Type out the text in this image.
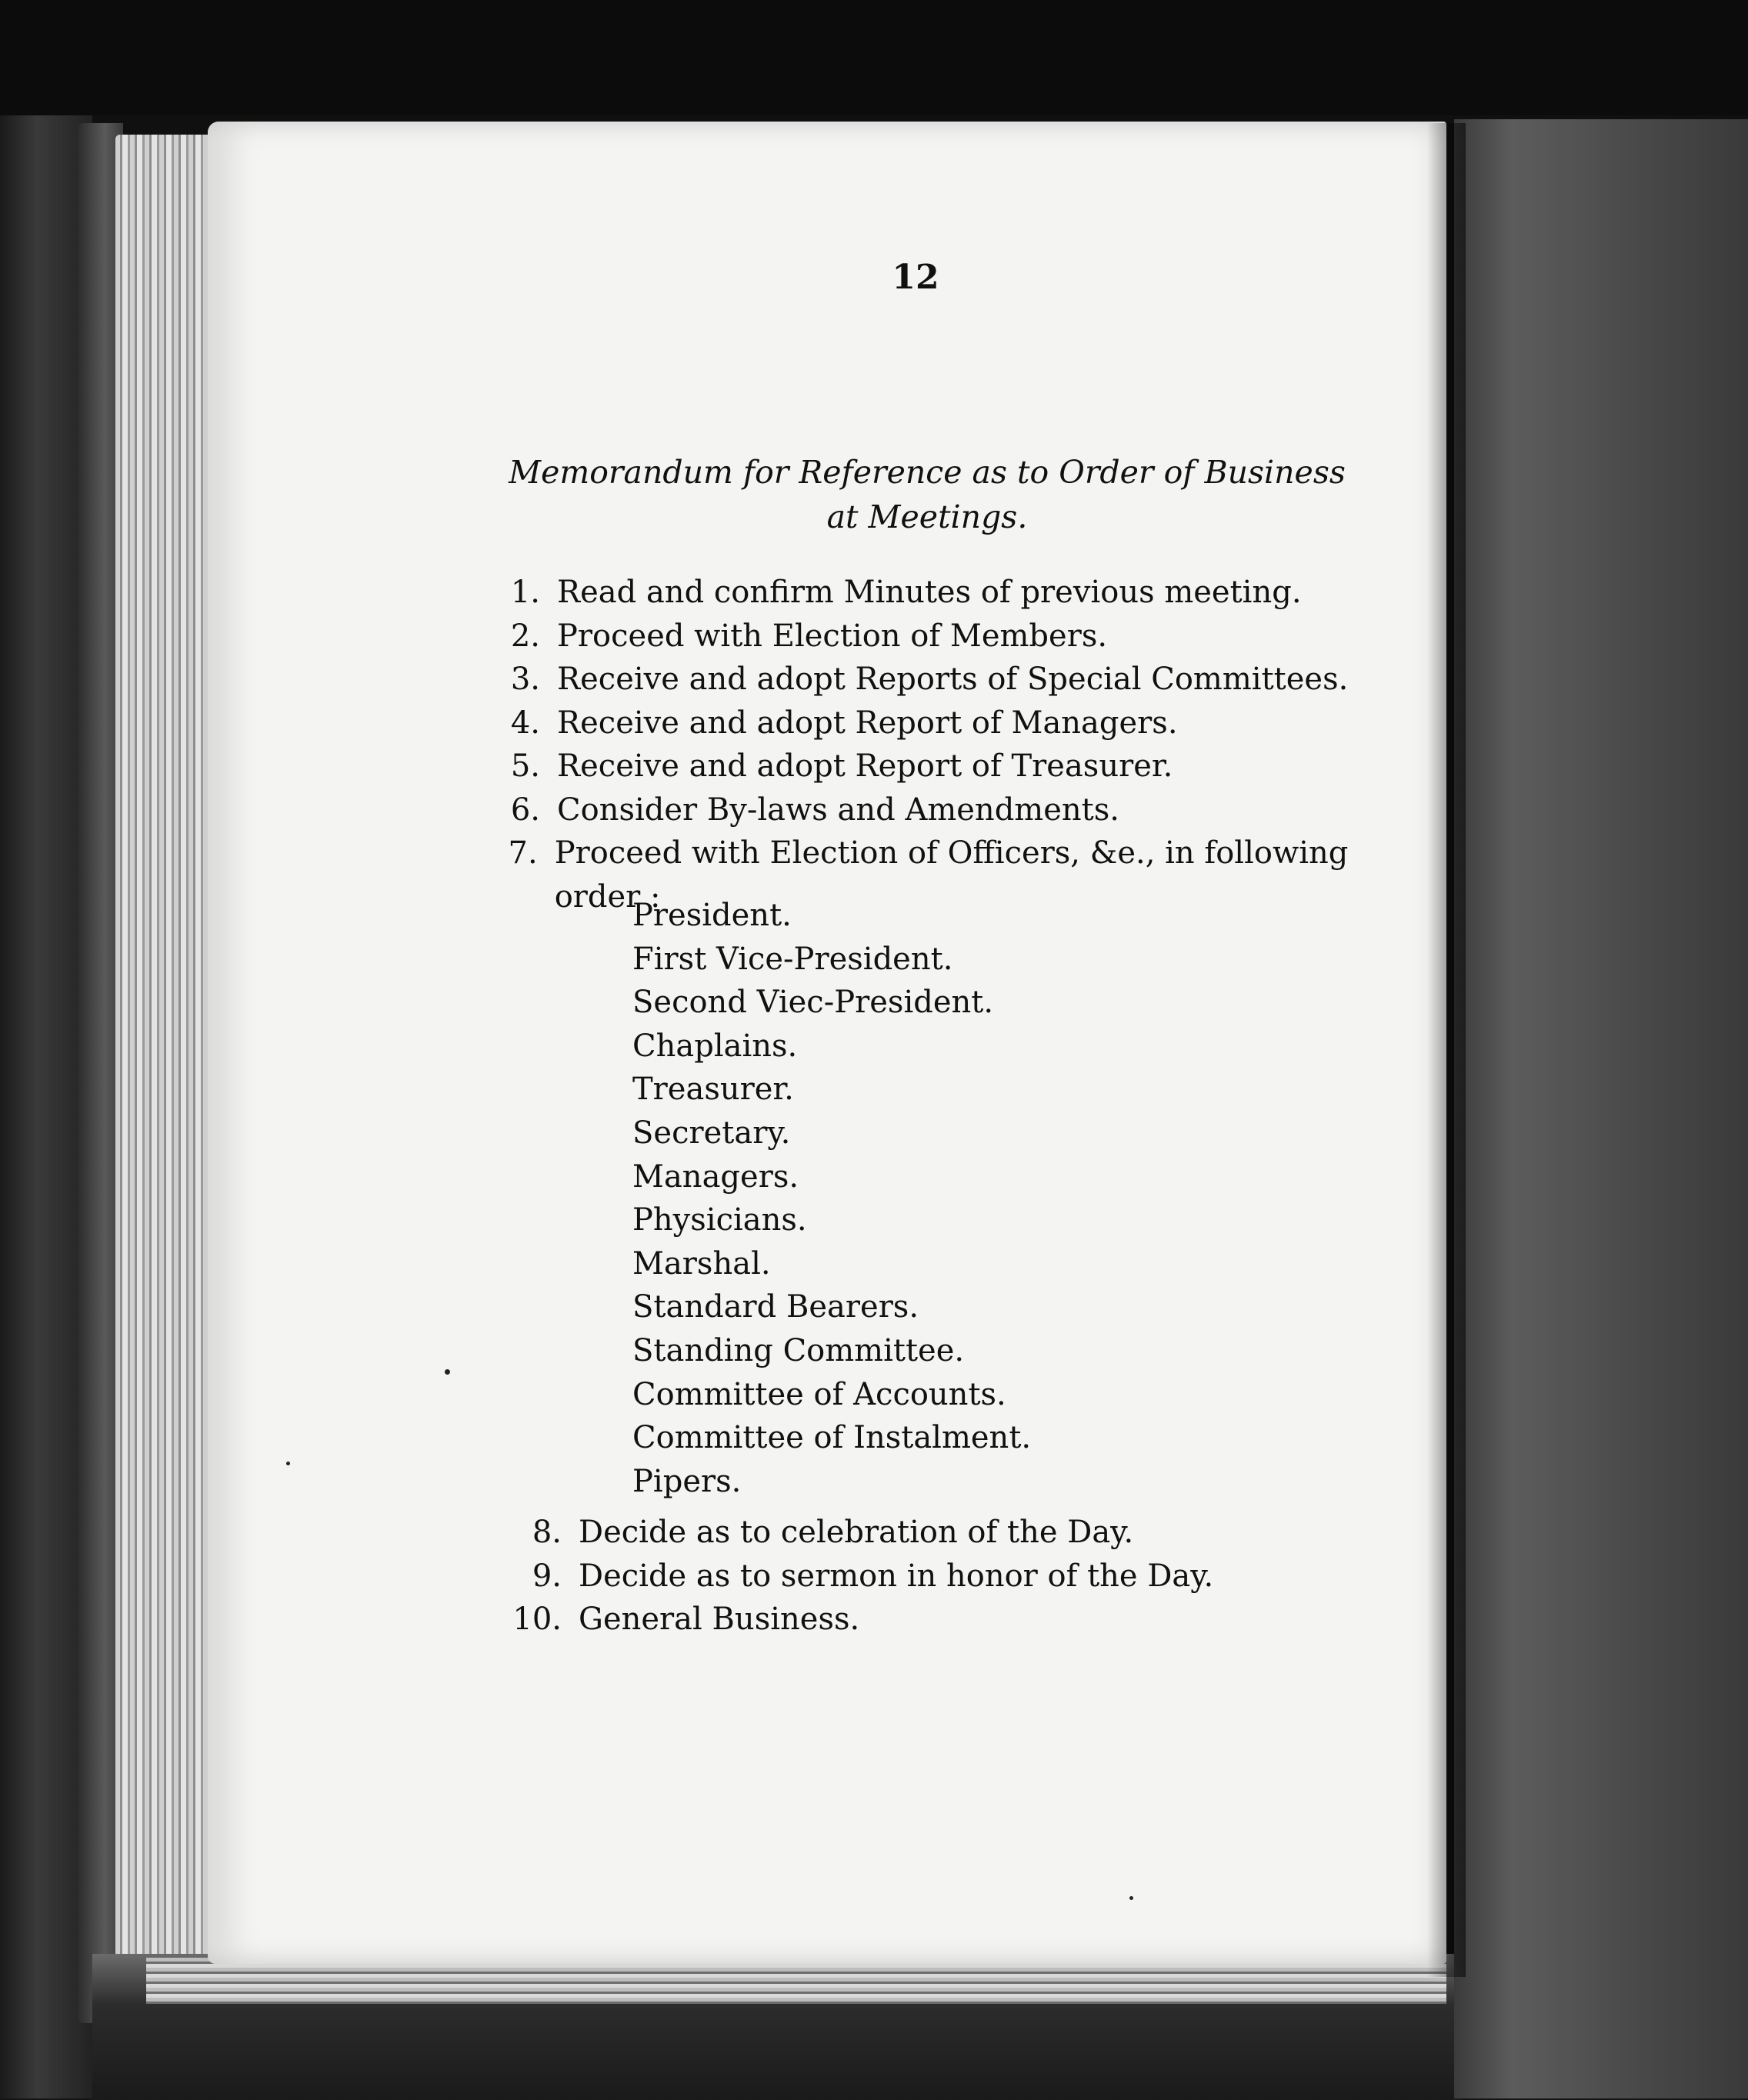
12
Memorandum for Reference as to Order of Business at Meetings.
1. Read and confirm Minutes of previous meeting.
2. Proceed with Election of Members.
3. Receive and adopt Reports of Special Committees.
4. Receive and adopt Report of Managers.
5. Receive and adopt Report of Treasurer.
6. Consider By-laws and Amendments.
7. Proceed with Election of Officers, &e., in following order :
President.
First Vice-President.
Second Viec-President.
Chaplains.
Treasurer.
Secretary.
Managers.
Physicians.
Marshal.
Standard Bearers.
Standing Committee.
Committee of Accounts.
Committee of Instalment.
Pipers.
8. Decide as to celebration of the Day.
9. Decide as to sermon in honor of the Day.
10. General Business.
